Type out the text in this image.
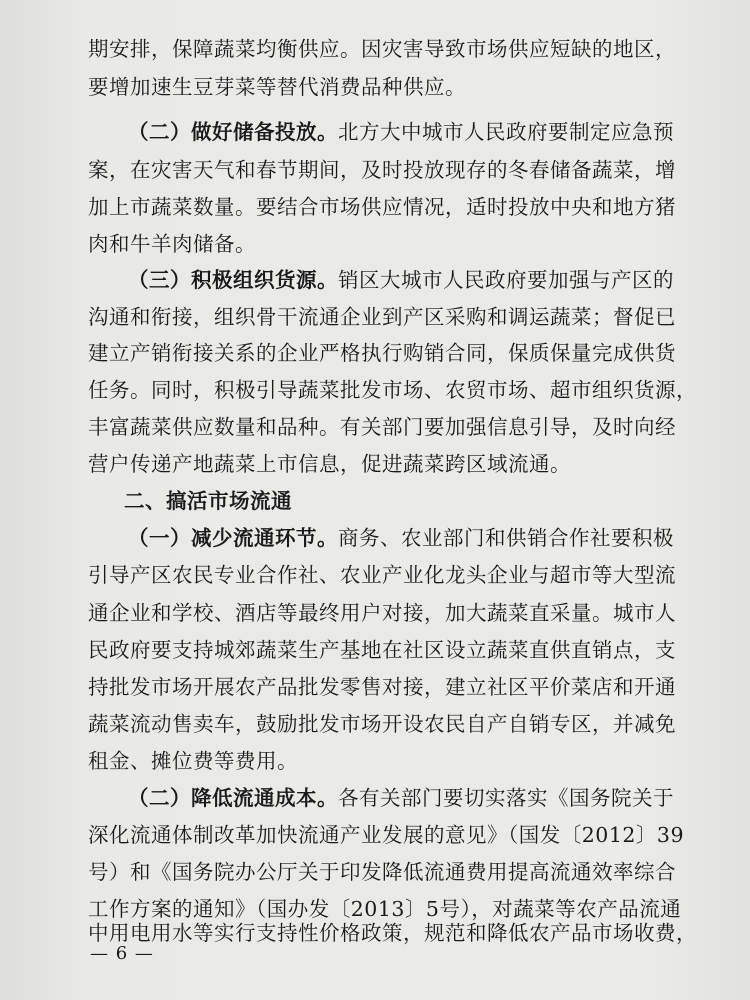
期安排，保障蔬菜均衡供应。因灾害导致市场供应短缺的地区，
要增加速生豆芽菜等替代消费品种供应。
（二）做好储备投放。北方大中城市人民政府要制定应急预
案，在灾害天气和春节期间，及时投放现存的冬春储备蔬菜，增
加上市蔬菜数量。要结合市场供应情况，适时投放中央和地方猪
肉和牛羊肉储备。
（三）积极组织货源。销区大城市人民政府要加强与产区的
沟通和衔接，组织骨干流通企业到产区采购和调运蔬菜；督促已
建立产销衔接关系的企业严格执行购销合同，保质保量完成供货
任务。同时，积极引导蔬菜批发市场、农贸市场、超市组织货源，
丰富蔬菜供应数量和品种。有关部门要加强信息引导，及时向经
营户传递产地蔬菜上市信息，促进蔬菜跨区域流通。
二、搞活市场流通
（一）减少流通环节。商务、农业部门和供销合作社要积极
引导产区农民专业合作社、农业产业化龙头企业与超市等大型流
通企业和学校、酒店等最终用户对接，加大蔬菜直采量。城市人
民政府要支持城郊蔬菜生产基地在社区设立蔬菜直供直销点，支
持批发市场开展农产品批发零售对接，建立社区平价菜店和开通
蔬菜流动售卖车，鼓励批发市场开设农民自产自销专区，并减免
租金、摊位费等费用。
（二）降低流通成本。各有关部门要切实落实《国务院关于
深化流通体制改革加快流通产业发展的意见》（国发〔2012〕39
号）和《国务院办公厅关于印发降低流通费用提高流通效率综合
工作方案的通知》（国办发〔2013〕5号），对蔬菜等农产品流通
中用电用水等实行支持性价格政策，规范和降低农产品市场收费，
— 6 —
